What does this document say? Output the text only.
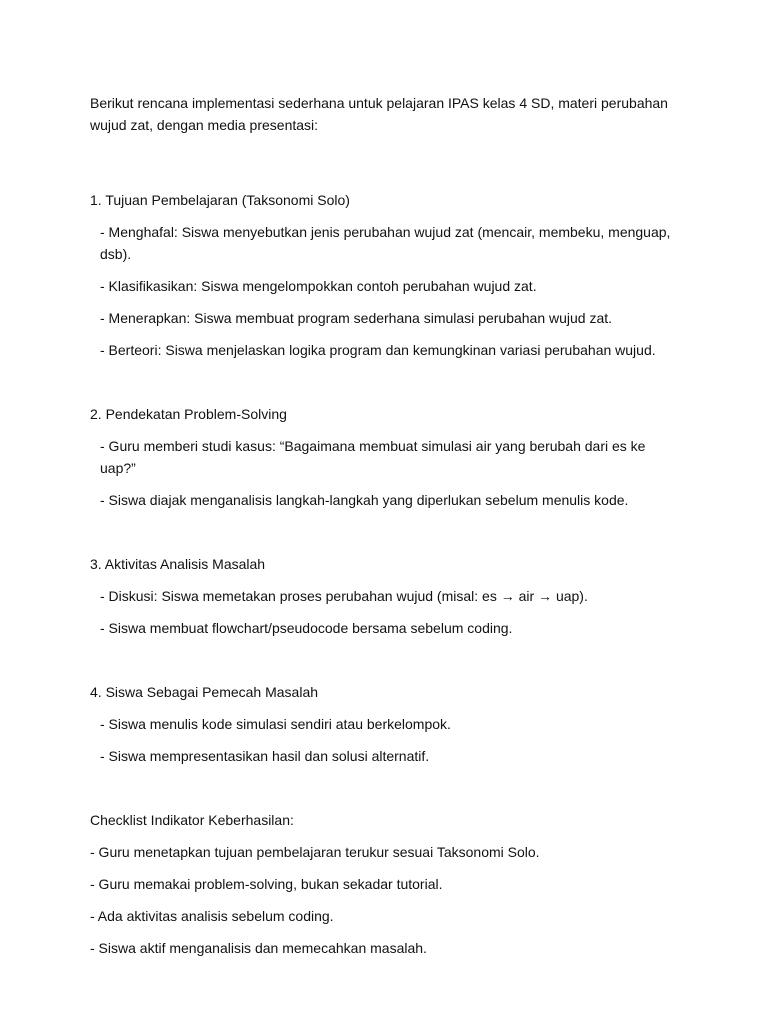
Berikut rencana implementasi sederhana untuk pelajaran IPAS kelas 4 SD, materi perubahan wujud zat, dengan media presentasi:

1. Tujuan Pembelajaran (Taksonomi Solo)

- Menghafal: Siswa menyebutkan jenis perubahan wujud zat (mencair, membeku, menguap, dsb).

- Klasifikasikan: Siswa mengelompokkan contoh perubahan wujud zat.

- Menerapkan: Siswa membuat program sederhana simulasi perubahan wujud zat.

- Berteori: Siswa menjelaskan logika program dan kemungkinan variasi perubahan wujud.

2. Pendekatan Problem-Solving

- Guru memberi studi kasus: “Bagaimana membuat simulasi air yang berubah dari es ke uap?”

- Siswa diajak menganalisis langkah-langkah yang diperlukan sebelum menulis kode.

3. Aktivitas Analisis Masalah

- Diskusi: Siswa memetakan proses perubahan wujud (misal: es → air → uap).

- Siswa membuat flowchart/pseudocode bersama sebelum coding.

4. Siswa Sebagai Pemecah Masalah

- Siswa menulis kode simulasi sendiri atau berkelompok.

- Siswa mempresentasikan hasil dan solusi alternatif.

Checklist Indikator Keberhasilan:

- Guru menetapkan tujuan pembelajaran terukur sesuai Taksonomi Solo.

- Guru memakai problem-solving, bukan sekadar tutorial.

- Ada aktivitas analisis sebelum coding.

- Siswa aktif menganalisis dan memecahkan masalah.
